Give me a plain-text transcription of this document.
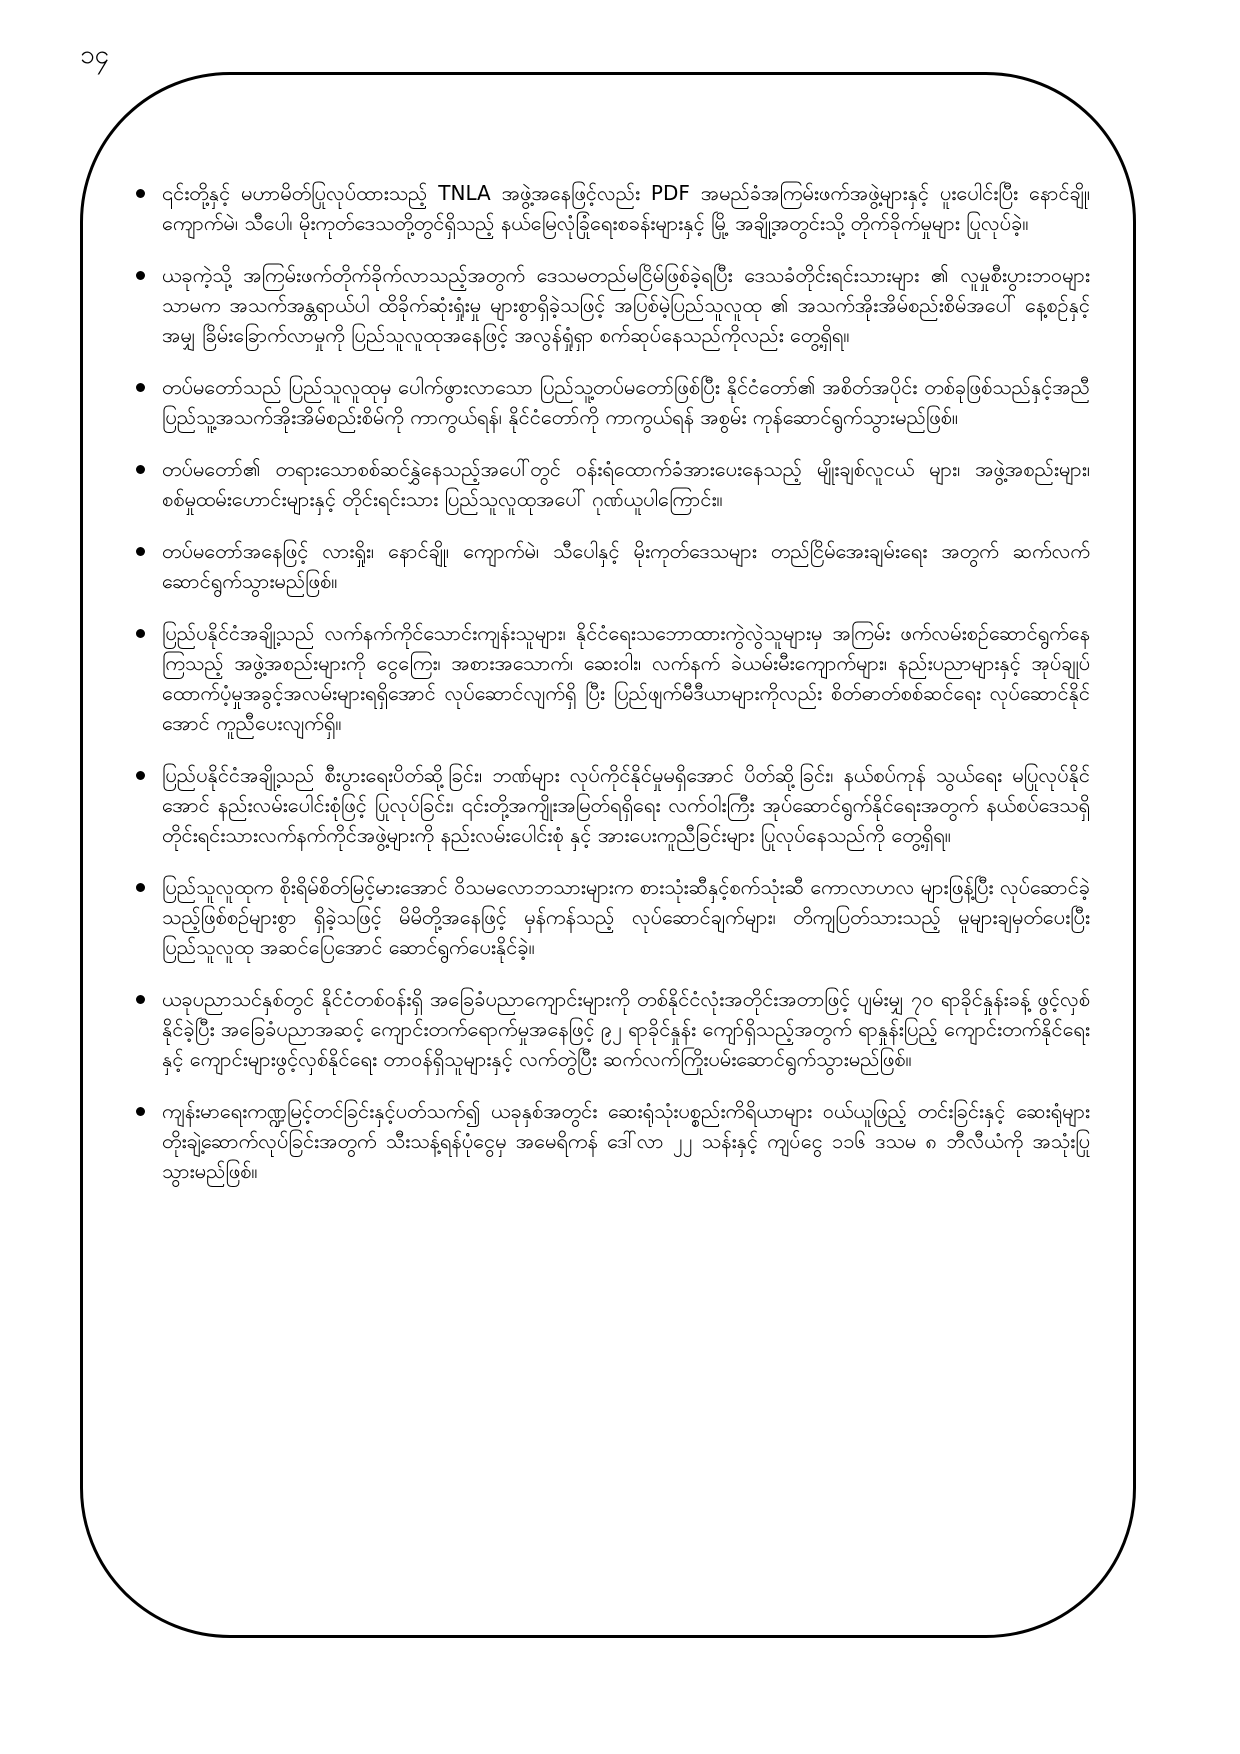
၁၄
၎င်းတို့နှင့် မဟာမိတ်ပြုလုပ်ထားသည့် TNLA အဖွဲ့အနေဖြင့်လည်း PDF အမည်ခံအကြမ်းဖက်အဖွဲ့များနှင့် ပူးပေါင်းပြီး နောင်ချို၊ ကျောက်မဲ၊ သီပေါ၊ မိုးကုတ်ဒေသတို့တွင်ရှိသည့် နယ်မြေလုံခြုံရေးစခန်းများနှင့် မြို့ အချို့အတွင်းသို့ တိုက်ခိုက်မှုများ ပြုလုပ်ခဲ့။
ယခုကဲ့သို့ အကြမ်းဖက်တိုက်ခိုက်လာသည့်အတွက် ဒေသမတည်မငြိမ်ဖြစ်ခဲ့ရပြီး ဒေသခံတိုင်းရင်းသားများ ၏ လူမှုစီးပွားဘဝများသာမက အသက်အန္တရာယ်ပါ ထိခိုက်ဆုံးရှုံးမှု များစွာရှိခဲ့သဖြင့် အပြစ်မဲ့ပြည်သူလူထု ၏ အသက်အိုးအိမ်စည်းစိမ်အပေါ် နေ့စဉ်နှင့်အမျှ ခြိမ်းခြောက်လာမှုကို ပြည်သူလူထုအနေဖြင့် အလွန်ရှုံရှာ စက်ဆုပ်နေသည်ကိုလည်း တွေ့ရှိရ။
တပ်မတော်သည် ပြည်သူလူထုမှ ပေါက်ဖွားလာသော ပြည်သူ့တပ်မတော်ဖြစ်ပြီး နိုင်ငံတော်၏ အစိတ်အပိုင်း တစ်ခုဖြစ်သည်နှင့်အညီ ပြည်သူ့အသက်အိုးအိမ်စည်းစိမ်ကို ကာကွယ်ရန်၊ နိုင်ငံတော်ကို ကာကွယ်ရန် အစွမ်း ကုန်ဆောင်ရွက်သွားမည်ဖြစ်။
တပ်မတော်၏ တရားသောစစ်ဆင်နွှဲနေသည့်အပေါ်တွင် ဝန်းရံထောက်ခံအားပေးနေသည့် မျိုးချစ်လူငယ် များ၊ အဖွဲ့အစည်းများ၊ စစ်မှုထမ်းဟောင်းများနှင့် တိုင်းရင်းသား ပြည်သူလူထုအပေါ် ဂုဏ်ယူပါကြောင်း။
တပ်မတော်အနေဖြင့် လားရှိုး၊ နောင်ချို၊ ကျောက်မဲ၊ သီပေါနှင့် မိုးကုတ်ဒေသများ တည်ငြိမ်အေးချမ်းရေး အတွက် ဆက်လက်ဆောင်ရွက်သွားမည်ဖြစ်။
ပြည်ပနိုင်ငံအချို့သည် လက်နက်ကိုင်သောင်းကျန်းသူများ၊ နိုင်ငံရေးသဘောထားကွဲလွဲသူများမှ အကြမ်း ဖက်လမ်းစဉ်ဆောင်ရွက်နေကြသည့် အဖွဲ့အစည်းများကို ငွေကြေး၊ အစားအသောက်၊ ဆေးဝါး၊ လက်နက် ခဲယမ်းမီးကျောက်များ၊ နည်းပညာများနှင့် အုပ်ချုပ်ထောက်ပံ့မှုအခွင့်အလမ်းများရရှိအောင် လုပ်ဆောင်လျက်ရှိ ပြီး ပြည်ဖျက်မီဒီယာများကိုလည်း စိတ်ဓာတ်စစ်ဆင်ရေး လုပ်ဆောင်နိုင်အောင် ကူညီပေးလျက်ရှိ။
ပြည်ပနိုင်ငံအချို့သည် စီးပွားရေးပိတ်ဆို့ခြင်း၊ ဘဏ်များ လုပ်ကိုင်နိုင်မှုမရှိအောင် ပိတ်ဆို့ခြင်း၊ နယ်စပ်ကုန် သွယ်ရေး မပြုလုပ်နိုင်အောင် နည်းလမ်းပေါင်းစုံဖြင့် ပြုလုပ်ခြင်း၊ ၎င်းတို့အကျိုးအမြတ်ရရှိရေး လက်ဝါးကြီး အုပ်ဆောင်ရွက်နိုင်ရေးအတွက် နယ်စပ်ဒေသရှိ တိုင်းရင်းသားလက်နက်ကိုင်အဖွဲ့များကို နည်းလမ်းပေါင်းစုံ နှင့် အားပေးကူညီခြင်းများ ပြုလုပ်နေသည်ကို တွေ့ရှိရ။
ပြည်သူလူထုက စိုးရိမ်စိတ်မြင့်မားအောင် ဝိသမလောဘသားများက စားသုံးဆီနှင့်စက်သုံးဆီ ကောလာဟလ များဖြန့်ပြီး လုပ်ဆောင်ခဲ့သည့်ဖြစ်စဉ်များစွာ ရှိခဲ့သဖြင့် မိမိတို့အနေဖြင့် မှန်ကန်သည့် လုပ်ဆောင်ချက်များ၊ တိကျပြတ်သားသည့် မူများချမှတ်ပေးပြီး ပြည်သူလူထု အဆင်ပြေအောင် ဆောင်ရွက်ပေးနိုင်ခဲ့။
ယခုပညာသင်နှစ်တွင် နိုင်ငံတစ်ဝန်းရှိ အခြေခံပညာကျောင်းများကို တစ်နိုင်ငံလုံးအတိုင်းအတာဖြင့် ပျမ်းမျှ ၇၀ ရာခိုင်နှုန်းခန့် ဖွင့်လှစ်နိုင်ခဲ့ပြီး အခြေခံပညာအဆင့် ကျောင်းတက်ရောက်မှုအနေဖြင့် ၉၂ ရာခိုင်နှုန်း ကျော်ရှိသည့်အတွက် ရာနှုန်းပြည့် ကျောင်းတက်နိုင်ရေးနှင့် ကျောင်းများဖွင့်လှစ်နိုင်ရေး တာဝန်ရှိသူများနှင့် လက်တွဲပြီး ဆက်လက်ကြိုးပမ်းဆောင်ရွက်သွားမည်ဖြစ်။
ကျန်းမာရေးကဏ္ဍမြင့်တင်ခြင်းနှင့်ပတ်သက်၍ ယခုနှစ်အတွင်း ဆေးရုံသုံးပစ္စည်းကိရိယာများ ဝယ်ယူဖြည့် တင်းခြင်းနှင့် ဆေးရုံများတိုးချဲ့ဆောက်လုပ်ခြင်းအတွက် သီးသန့်ရန်ပုံငွေမှ အမေရိကန် ဒေါ်လာ ၂၂ သန်းနှင့် ကျပ်ငွေ ၁၁၆ ဒသမ ၈ ဘီလီယံကို အသုံးပြုသွားမည်ဖြစ်။
